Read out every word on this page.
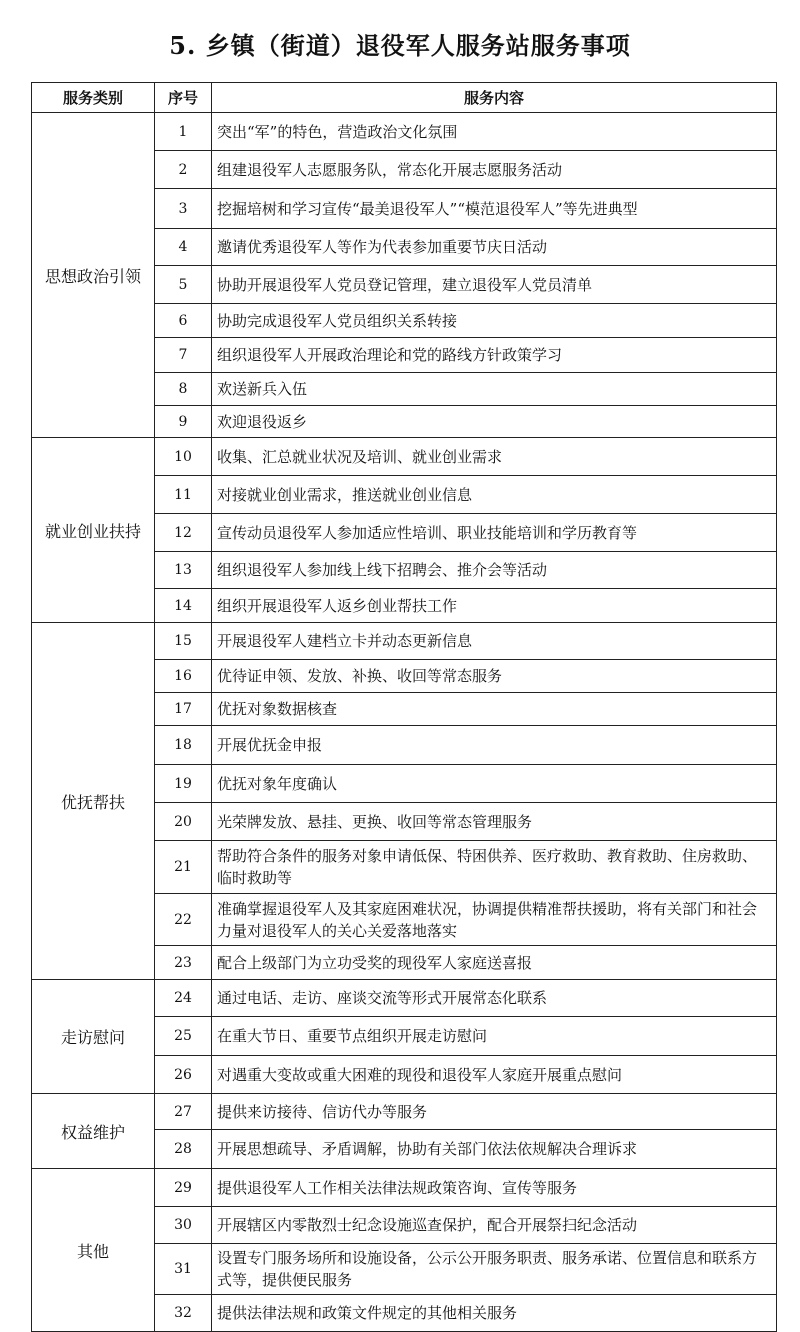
5. 乡镇（街道）退役军人服务站服务事项
服务类别	序号	服务内容
思想政治引领	1	突出“军”的特色，营造政治文化氛围
	2	组建退役军人志愿服务队，常态化开展志愿服务活动
	3	挖掘培树和学习宣传“最美退役军人”“模范退役军人”等先进典型
	4	邀请优秀退役军人等作为代表参加重要节庆日活动
	5	协助开展退役军人党员登记管理，建立退役军人党员清单
	6	协助完成退役军人党员组织关系转接
	7	组织退役军人开展政治理论和党的路线方针政策学习
	8	欢送新兵入伍
	9	欢迎退役返乡
就业创业扶持	10	收集、汇总就业状况及培训、就业创业需求
	11	对接就业创业需求，推送就业创业信息
	12	宣传动员退役军人参加适应性培训、职业技能培训和学历教育等
	13	组织退役军人参加线上线下招聘会、推介会等活动
	14	组织开展退役军人返乡创业帮扶工作
优抚帮扶	15	开展退役军人建档立卡并动态更新信息
	16	优待证申领、发放、补换、收回等常态服务
	17	优抚对象数据核查
	18	开展优抚金申报
	19	优抚对象年度确认
	20	光荣牌发放、悬挂、更换、收回等常态管理服务
	21	帮助符合条件的服务对象申请低保、特困供养、医疗救助、教育救助、住房救助、临时救助等
	22	准确掌握退役军人及其家庭困难状况，协调提供精准帮扶援助，将有关部门和社会力量对退役军人的关心关爱落地落实
	23	配合上级部门为立功受奖的现役军人家庭送喜报
走访慰问	24	通过电话、走访、座谈交流等形式开展常态化联系
	25	在重大节日、重要节点组织开展走访慰问
	26	对遇重大变故或重大困难的现役和退役军人家庭开展重点慰问
权益维护	27	提供来访接待、信访代办等服务
	28	开展思想疏导、矛盾调解，协助有关部门依法依规解决合理诉求
其他	29	提供退役军人工作相关法律法规政策咨询、宣传等服务
	30	开展辖区内零散烈士纪念设施巡查保护，配合开展祭扫纪念活动
	31	设置专门服务场所和设施设备，公示公开服务职责、服务承诺、位置信息和联系方式等，提供便民服务
	32	提供法律法规和政策文件规定的其他相关服务
